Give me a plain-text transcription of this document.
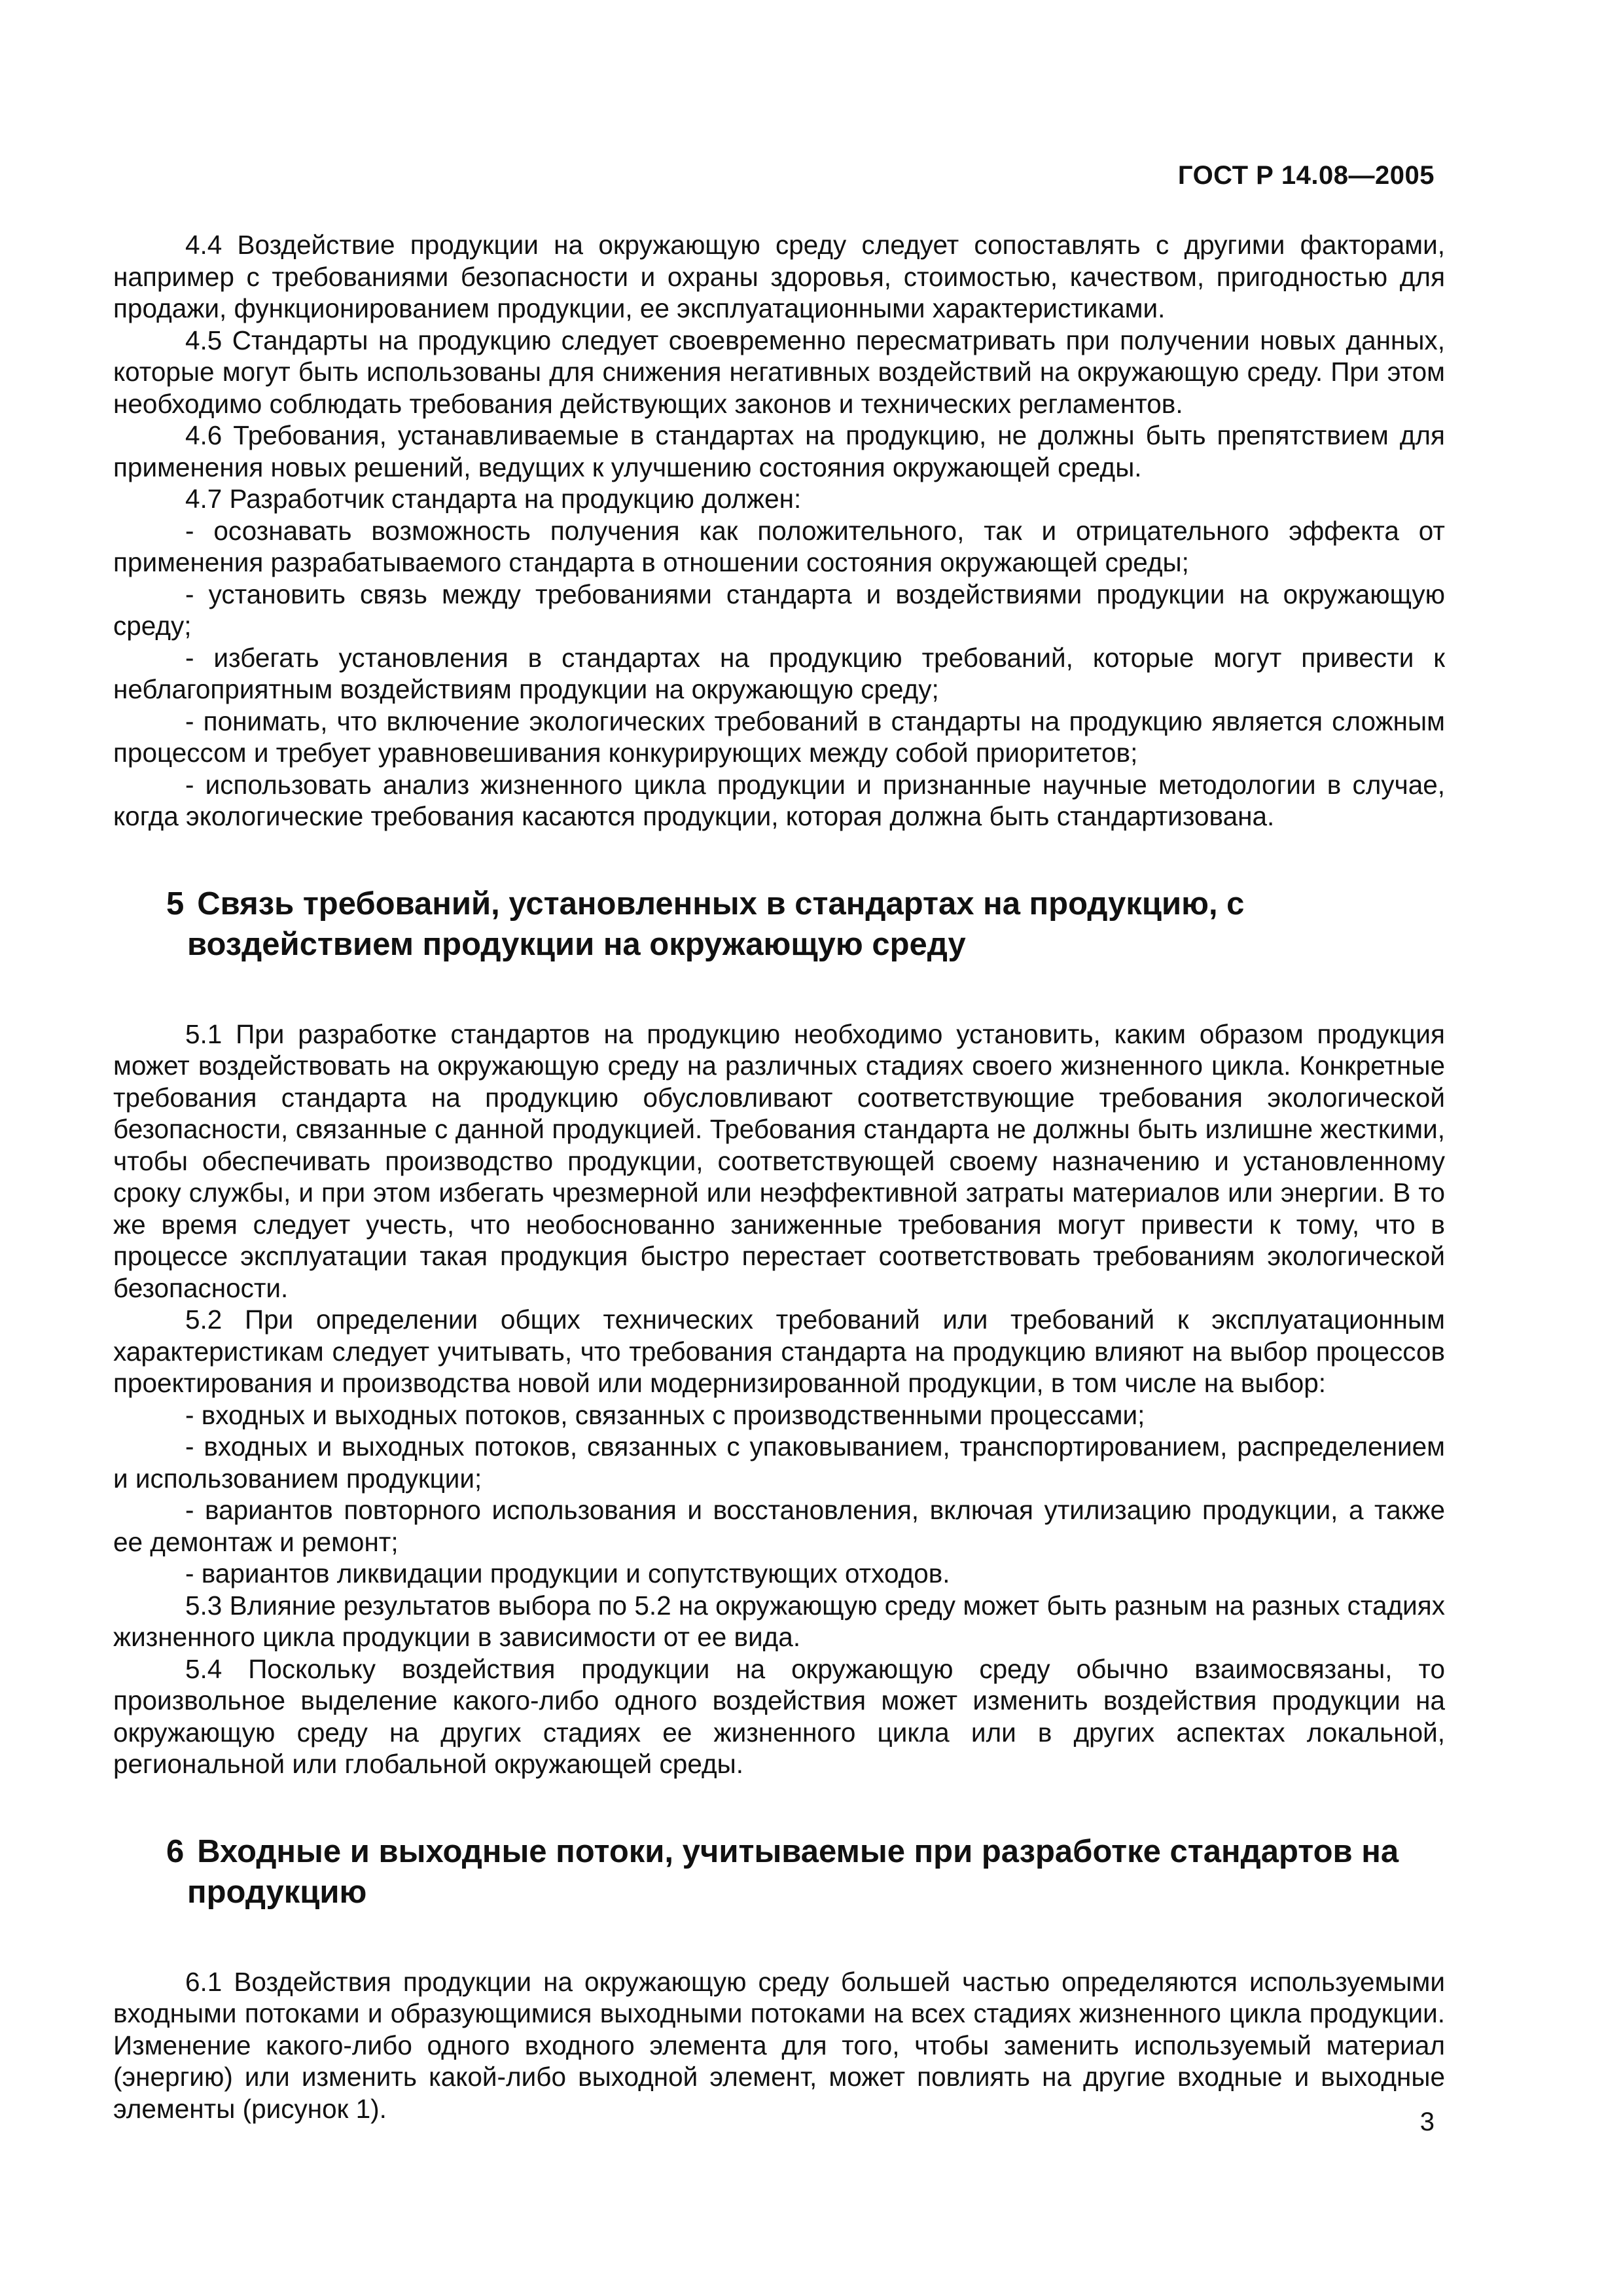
ГОСТ Р 14.08—2005

4.4 Воздействие продукции на окружающую среду следует сопоставлять с другими факторами, например с требованиями безопасности и охраны здоровья, стоимостью, качеством, пригодностью для продажи, функционированием продукции, ее эксплуатационными характеристиками.

4.5 Стандарты на продукцию следует своевременно пересматривать при получении новых данных, которые могут быть использованы для снижения негативных воздействий на окружающую среду. При этом необходимо соблюдать требования действующих законов и технических регламентов.

4.6 Требования, устанавливаемые в стандартах на продукцию, не должны быть препятствием для применения новых решений, ведущих к улучшению состояния окружающей среды.

4.7 Разработчик стандарта на продукцию должен:

- осознавать возможность получения как положительного, так и отрицательного эффекта от применения разрабатываемого стандарта в отношении состояния окружающей среды;

- установить связь между требованиями стандарта и воздействиями продукции на окружающую среду;

- избегать установления в стандартах на продукцию требований, которые могут привести к неблагоприятным воздействиям продукции на окружающую среду;

- понимать, что включение экологических требований в стандарты на продукцию является сложным процессом и требует уравновешивания конкурирующих между собой приоритетов;

- использовать анализ жизненного цикла продукции и признанные научные методологии в случае, когда экологические требования касаются продукции, которая должна быть стандартизована.

5 Связь требований, установленных в стандартах на продукцию, с воздействием продукции на окружающую среду

5.1 При разработке стандартов на продукцию необходимо установить, каким образом продукция может воздействовать на окружающую среду на различных стадиях своего жизненного цикла. Конкретные требования стандарта на продукцию обусловливают соответствующие требования экологической безопасности, связанные с данной продукцией. Требования стандарта не должны быть излишне жесткими, чтобы обеспечивать производство продукции, соответствующей своему назначению и установленному сроку службы, и при этом избегать чрезмерной или неэффективной затраты материалов или энергии. В то же время следует учесть, что необоснованно заниженные требования могут привести к тому, что в процессе эксплуатации такая продукция быстро перестает соответствовать требованиям экологической безопасности.

5.2 При определении общих технических требований или требований к эксплуатационным характеристикам следует учитывать, что требования стандарта на продукцию влияют на выбор процессов проектирования и производства новой или модернизированной продукции, в том числе на выбор:

- входных и выходных потоков, связанных с производственными процессами;

- входных и выходных потоков, связанных с упаковыванием, транспортированием, распределением и использованием продукции;

- вариантов повторного использования и восстановления, включая утилизацию продукции, а также ее демонтаж и ремонт;

- вариантов ликвидации продукции и сопутствующих отходов.

5.3 Влияние результатов выбора по 5.2 на окружающую среду может быть разным на разных стадиях жизненного цикла продукции в зависимости от ее вида.

5.4 Поскольку воздействия продукции на окружающую среду обычно взаимосвязаны, то произвольное выделение какого-либо одного воздействия может изменить воздействия продукции на окружающую среду на других стадиях ее жизненного цикла или в других аспектах локальной, региональной или глобальной окружающей среды.

6 Входные и выходные потоки, учитываемые при разработке стандартов на продукцию

6.1 Воздействия продукции на окружающую среду большей частью определяются используемыми входными потоками и образующимися выходными потоками на всех стадиях жизненного цикла продукции. Изменение какого-либо одного входного элемента для того, чтобы заменить используемый материал (энергию) или изменить какой-либо выходной элемент, может повлиять на другие входные и выходные элементы (рисунок 1).	3
